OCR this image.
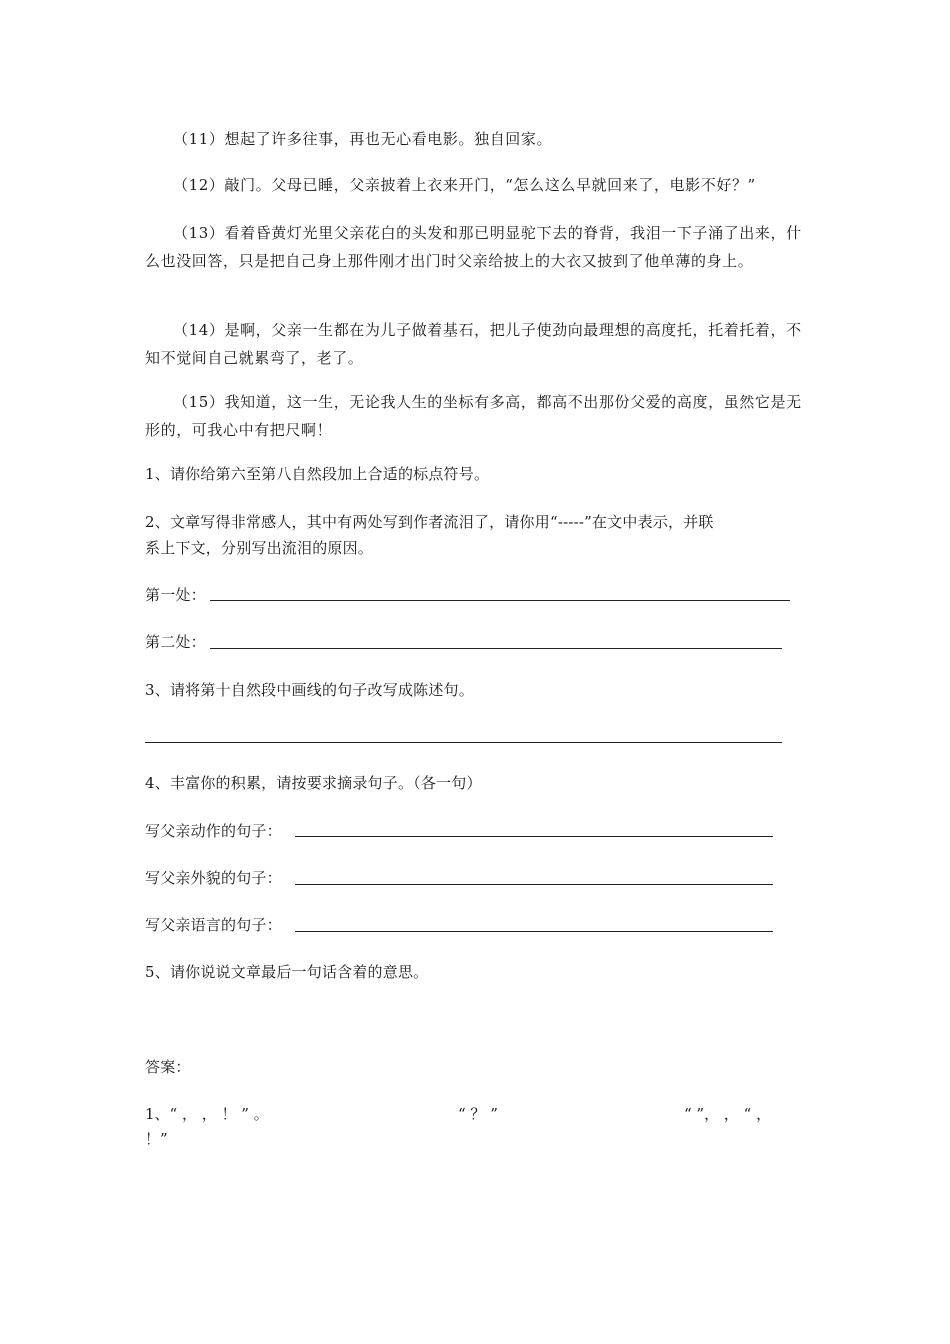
（11）想起了许多往事，再也无心看电影。独自回家。
（12）敲门。父母已睡，父亲披着上衣来开门，“怎么这么早就回来了，电影不好？”
（13）看着昏黄灯光里父亲花白的头发和那已明显驼下去的脊背，我泪一下子涌了出来，什么也没回答，只是把自己身上那件刚才出门时父亲给披上的大衣又披到了他单薄的身上。
（14）是啊，父亲一生都在为儿子做着基石，把儿子使劲向最理想的高度托，托着托着，不知不觉间自己就累弯了，老了。
（15）我知道，这一生，无论我人生的坐标有多高，都高不出那份父爱的高度，虽然它是无形的，可我心中有把尺啊！
1、请你给第六至第八自然段加上合适的标点符号。
2、文章写得非常感人，其中有两处写到作者流泪了，请你用“-----”在文中表示，并联
系上下文，分别写出流泪的原因。
第一处：
第二处：
3、请将第十自然段中画线的句子改写成陈述句。
4、丰富你的积累，请按要求摘录句子。（各一句）
写父亲动作的句子：
写父亲外貌的句子：
写父亲语言的句子：
5、请你说说文章最后一句话含着的意思。
答案：
1、“ ， ， ！ ” 。	“ ？ ”	“ ”， ， “ ，
！”
